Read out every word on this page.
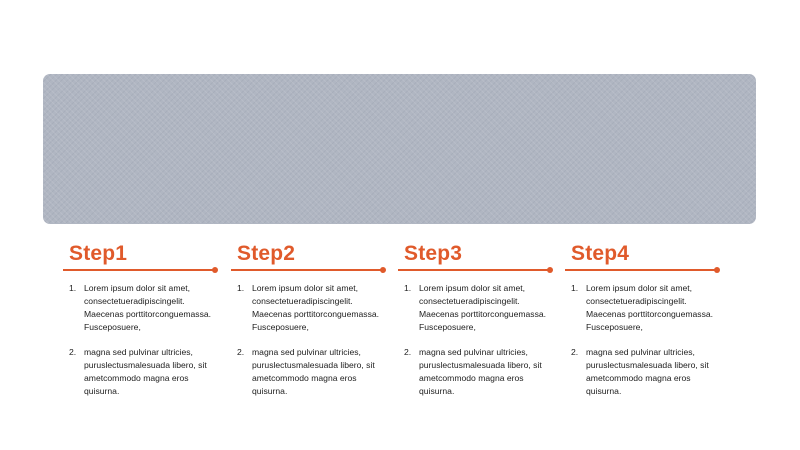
Step1
1. Lorem ipsum dolor sit amet, consectetueradipiscingelit. Maecenas porttitorconguemassa. Fusceposuere,
2. magna sed pulvinar ultricies, puruslectusmalesuada libero, sit ametcommodo magna eros quisurna.
Step2
1. Lorem ipsum dolor sit amet, consectetueradipiscingelit. Maecenas porttitorconguemassa. Fusceposuere,
2. magna sed pulvinar ultricies, puruslectusmalesuada libero, sit ametcommodo magna eros quisurna.
Step3
1. Lorem ipsum dolor sit amet, consectetueradipiscingelit. Maecenas porttitorconguemassa. Fusceposuere,
2. magna sed pulvinar ultricies, puruslectusmalesuada libero, sit ametcommodo magna eros quisurna.
Step4
1. Lorem ipsum dolor sit amet, consectetueradipiscingelit. Maecenas porttitorconguemassa. Fusceposuere,
2. magna sed pulvinar ultricies, puruslectusmalesuada libero, sit ametcommodo magna eros quisurna.
